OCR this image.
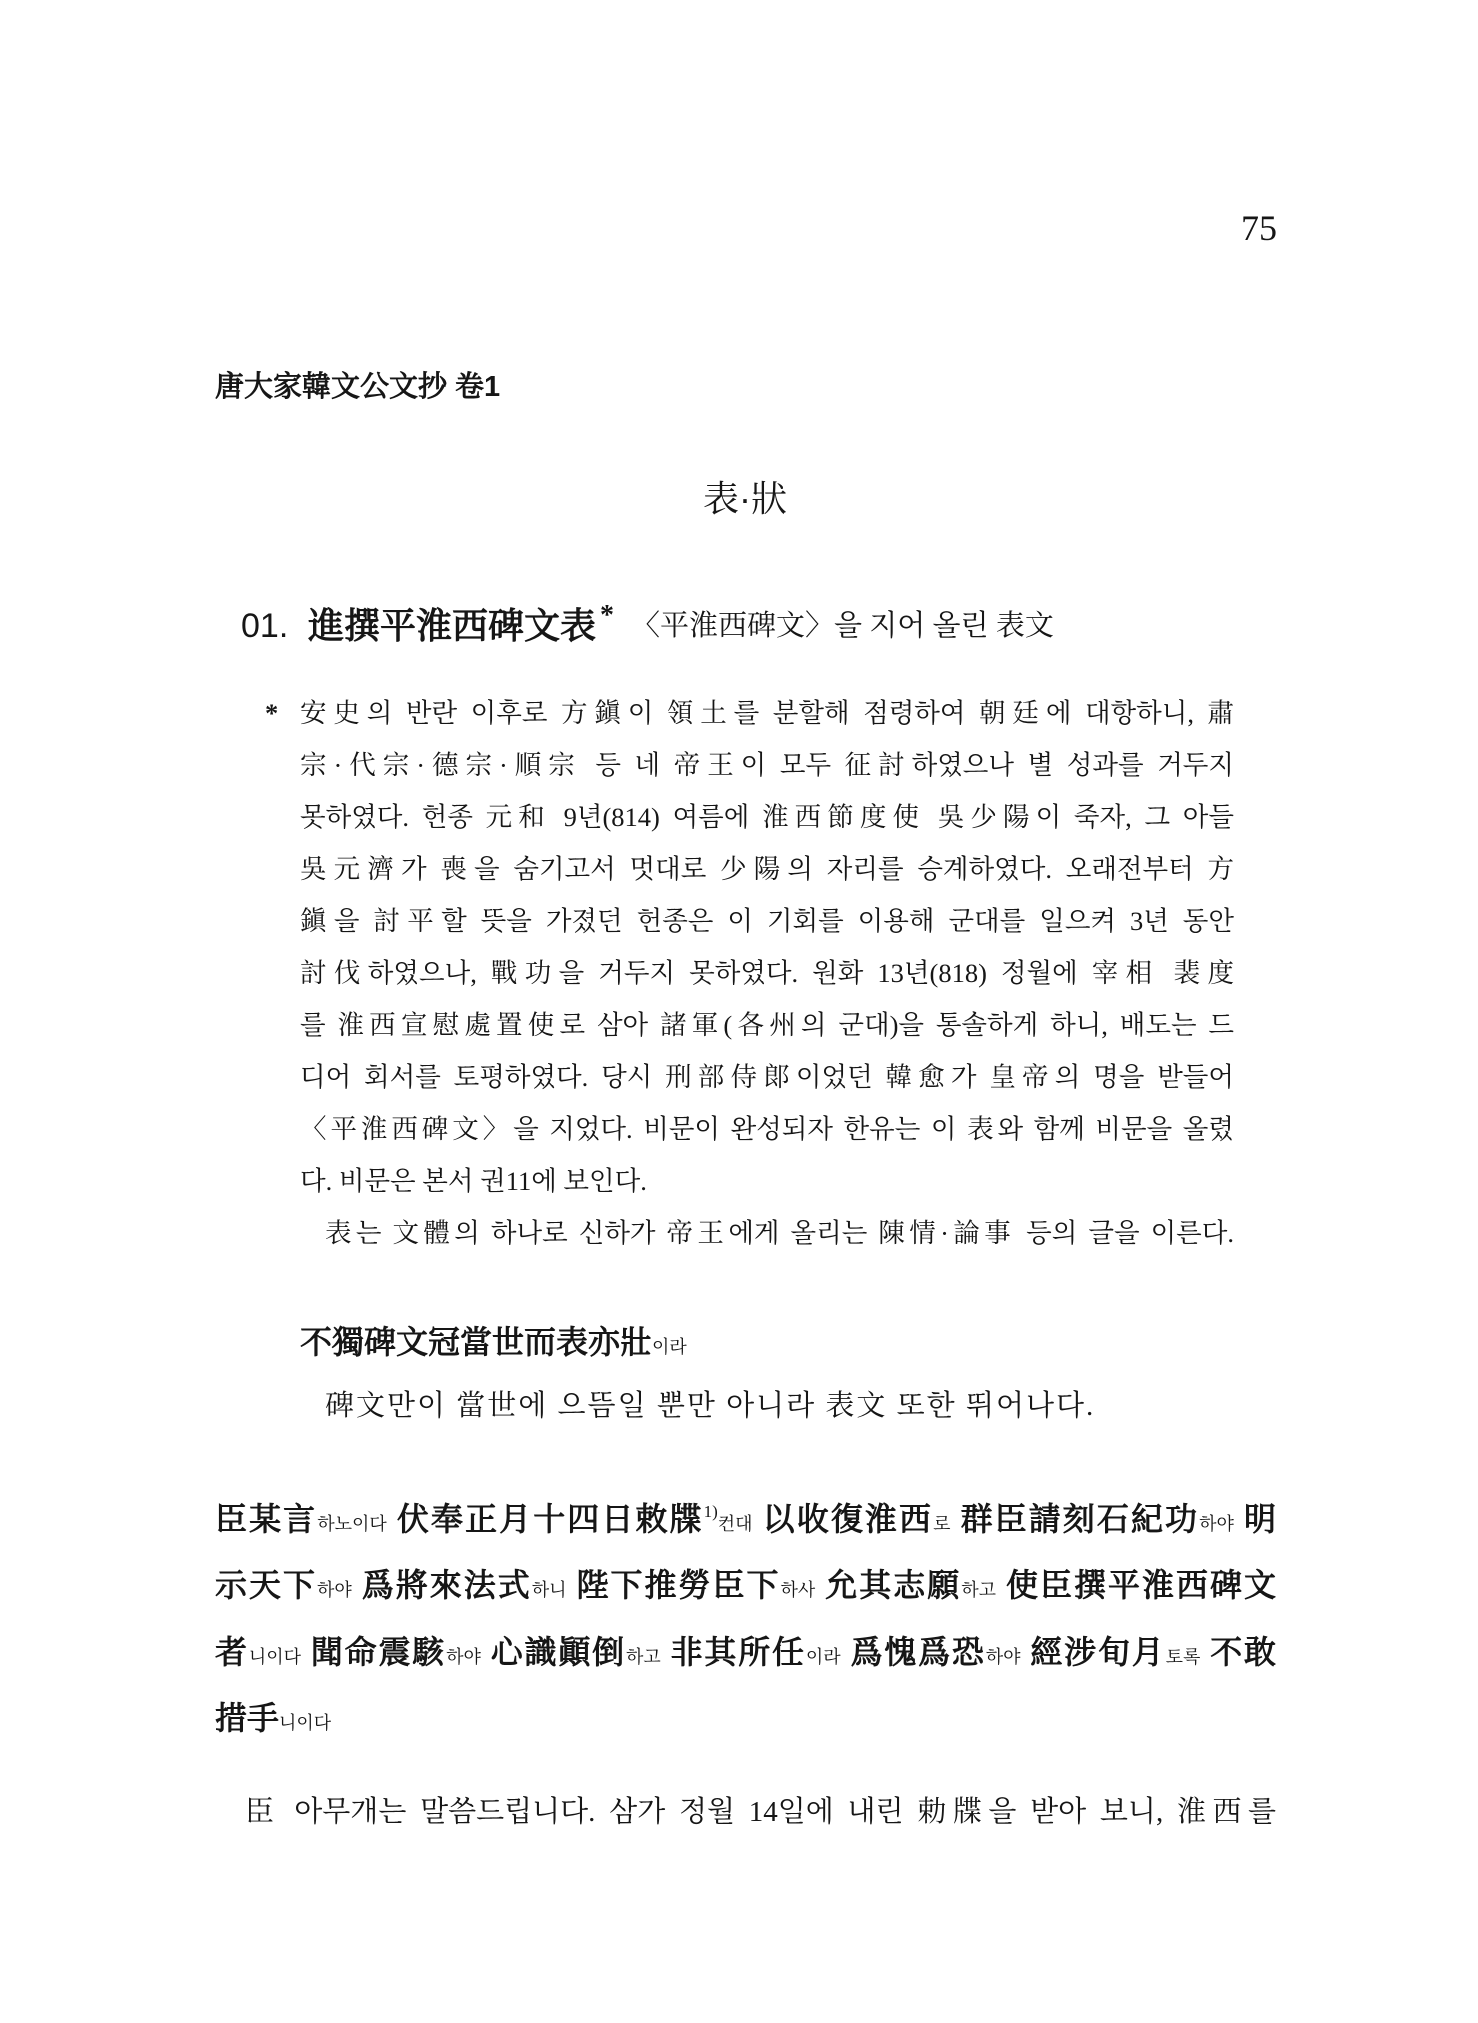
75
唐大家韓文公文抄 卷1
表·狀
01. 進撰平淮西碑文表 * 〈平淮西碑文〉을 지어 올린 表文
* 安史의 반란 이후로 方鎭이 領土를 분할해 점령하여 朝廷에 대항하니, 肅
宗·代宗·德宗·順宗 등 네 帝王이 모두 征討하였으나 별 성과를 거두지
못하였다. 헌종 元和 9년(814) 여름에 淮西節度使 吳少陽이 죽자, 그 아들
吳元濟가 喪을 숨기고서 멋대로 少陽의 자리를 승계하였다. 오래전부터 方
鎭을 討平할 뜻을 가졌던 헌종은 이 기회를 이용해 군대를 일으켜 3년 동안
討伐하였으나, 戰功을 거두지 못하였다. 원화 13년(818) 정월에 宰相 裴度
를 淮西宣慰處置使로 삼아 諸軍(各州의 군대)을 통솔하게 하니, 배도는 드
디어 회서를 토평하였다. 당시 刑部侍郞이었던 韓愈가 皇帝의 명을 받들어
〈平淮西碑文〉을 지었다. 비문이 완성되자 한유는 이 表와 함께 비문을 올렸
다. 비문은 본서 권11에 보인다.
表는 文體의 하나로 신하가 帝王에게 올리는 陳情·論事 등의 글을 이른다.
不獨碑文冠當世而表亦壯이라
碑文만이 當世에 으뜸일 뿐만 아니라 表文 또한 뛰어나다.
臣某言하노이다 伏奉正月十四日敕牒$^{1)}$컨대 以收復淮西로 群臣請刻石紀功하야 明
示天下하야 爲將來法式하니 陛下推勞臣下하사 允其志願하고 使臣撰平淮西碑文
者니이다 聞命震駭하야 心識顚倒하고 非其所任이라 爲愧爲恐하야 經涉旬月토록 不敢
措手니이다
臣 아무개는 말씀드립니다. 삼가 정월 14일에 내린 勅牒을 받아 보니, 淮西를
